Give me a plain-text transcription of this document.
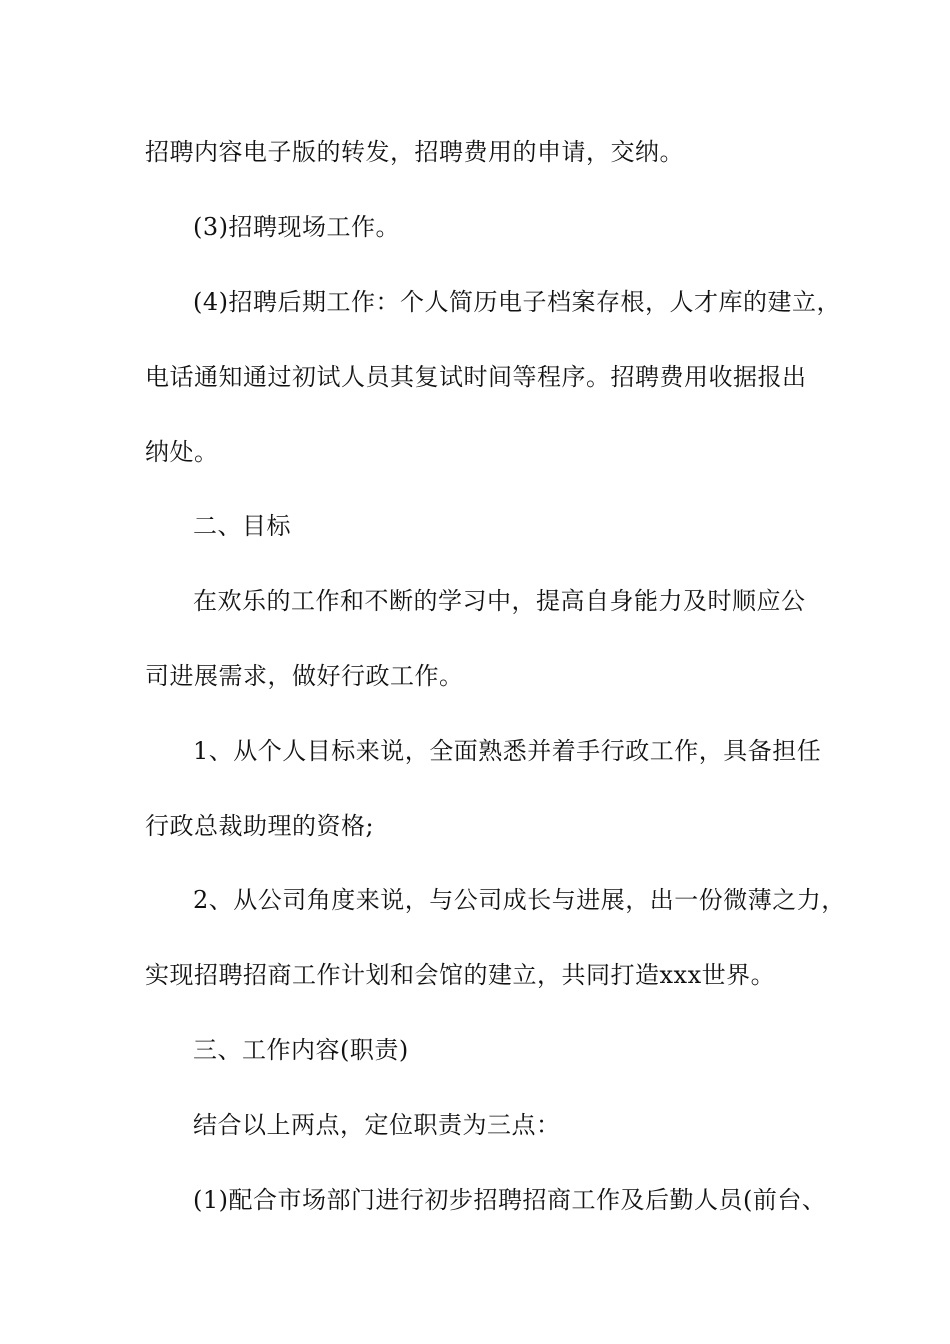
招聘内容电子版的转发，招聘费用的申请，交纳。
(3)招聘现场工作。
(4)招聘后期工作：个人简历电子档案存根，人才库的建立，
电话通知通过初试人员其复试时间等程序。招聘费用收据报出
纳处。
二、目标
在欢乐的工作和不断的学习中，提高自身能力及时顺应公
司进展需求，做好行政工作。
1、从个人目标来说，全面熟悉并着手行政工作，具备担任
行政总裁助理的资格;
2、从公司角度来说，与公司成长与进展，出一份微薄之力，
实现招聘招商工作计划和会馆的建立，共同打造xxx世界。
三、工作内容(职责)
结合以上两点，定位职责为三点：
(1)配合市场部门进行初步招聘招商工作及后勤人员(前台、
